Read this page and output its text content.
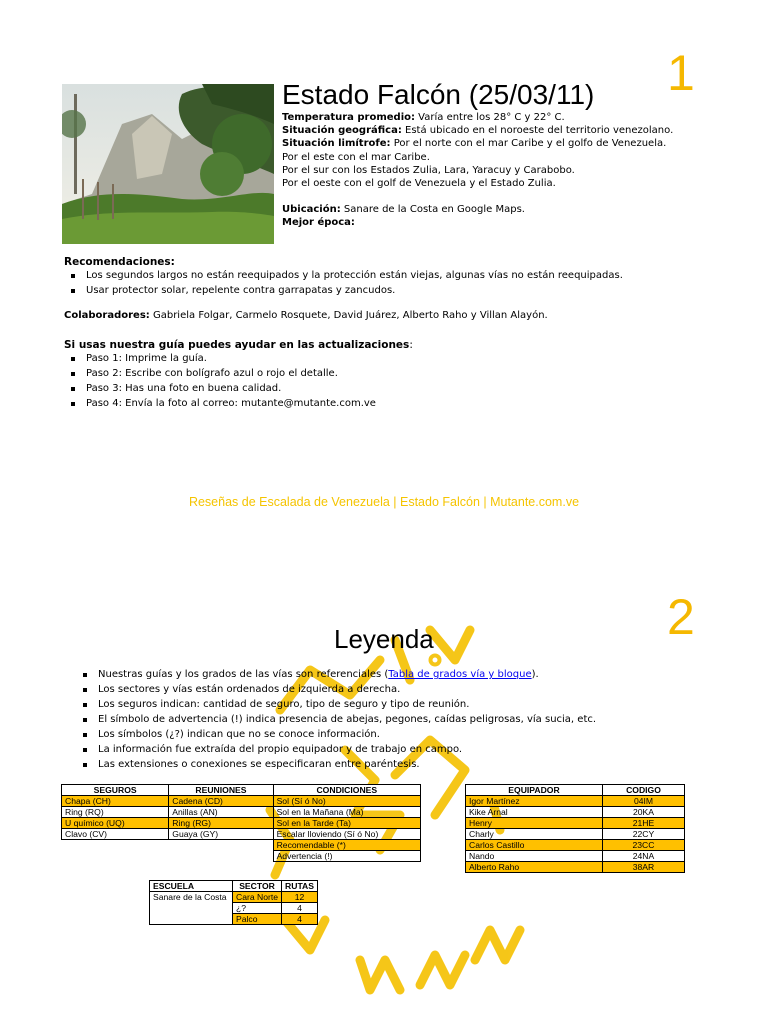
1
Estado Falcón (25/03/11)
Temperatura promedio: Varía entre los 28° C y 22° C.
Situación geográfica: Está ubicado en el noroeste del territorio venezolano.
Situación limítrofe: Por el norte con el mar Caribe y el golfo de Venezuela.
Por el este con el mar Caribe.
Por el sur con los Estados Zulia, Lara, Yaracuy y Carabobo.
Por el oeste con el golf de Venezuela y el Estado Zulia.
Ubicación: Sanare de la Costa en Google Maps.
Mejor época:
Recomendaciones:
Los segundos largos no están reequipados y la protección están viejas, algunas vías no están reequipadas.
Usar protector solar, repelente contra garrapatas y zancudos.
Colaboradores: Gabriela Folgar, Carmelo Rosquete, David Juárez, Alberto Raho y Villan Alayón.
Si usas nuestra guía puedes ayudar en las actualizaciones:
Paso 1: Imprime la guía.
Paso 2: Escribe con bolígrafo azul o rojo el detalle.
Paso 3: Has una foto en buena calidad.
Paso 4: Envía la foto al correo: mutante@mutante.com.ve
Reseñas de Escalada de Venezuela | Estado Falcón | Mutante.com.ve
2
Leyenda
Nuestras guías y los grados de las vías son referenciales (Tabla de grados vía y bloque).
Los sectores y vías están ordenados de izquierda a derecha.
Los seguros indican: cantidad de seguro, tipo de seguro y tipo de reunión.
El símbolo de advertencia (!) indica presencia de abejas, pegones, caídas peligrosas, vía sucia, etc.
Los símbolos (¿?) indican que no se conoce información.
La información fue extraída del propio equipador y de trabajo en campo.
Las extensiones o conexiones se especificaran entre paréntesis.
SEGUROS	REUNIONES	CONDICIONES
Chapa (CH)	Cadena (CD)	Sol (Sí ó No)
Ring (RQ)	Anillas (AN)	Sol en la Mañana (Ma)
U químico (UQ)	Ring (RG)	Sol en la Tarde (Ta)
Clavo (CV)	Guaya (GY)	Escalar lloviendo (Sí ó No)
		Recomendable (*)
		Advertencia (!)
EQUIPADOR	CODIGO
Igor Martínez	04IM
Kike Arnal	20KA
Henry	21HE
Charly	22CY
Carlos Castillo	23CC
Nando	24NA
Alberto Raho	38AR
ESCUELA	SECTOR	RUTAS
Sanare de la Costa	Cara Norte	12
	¿?	4
	Palco	4
